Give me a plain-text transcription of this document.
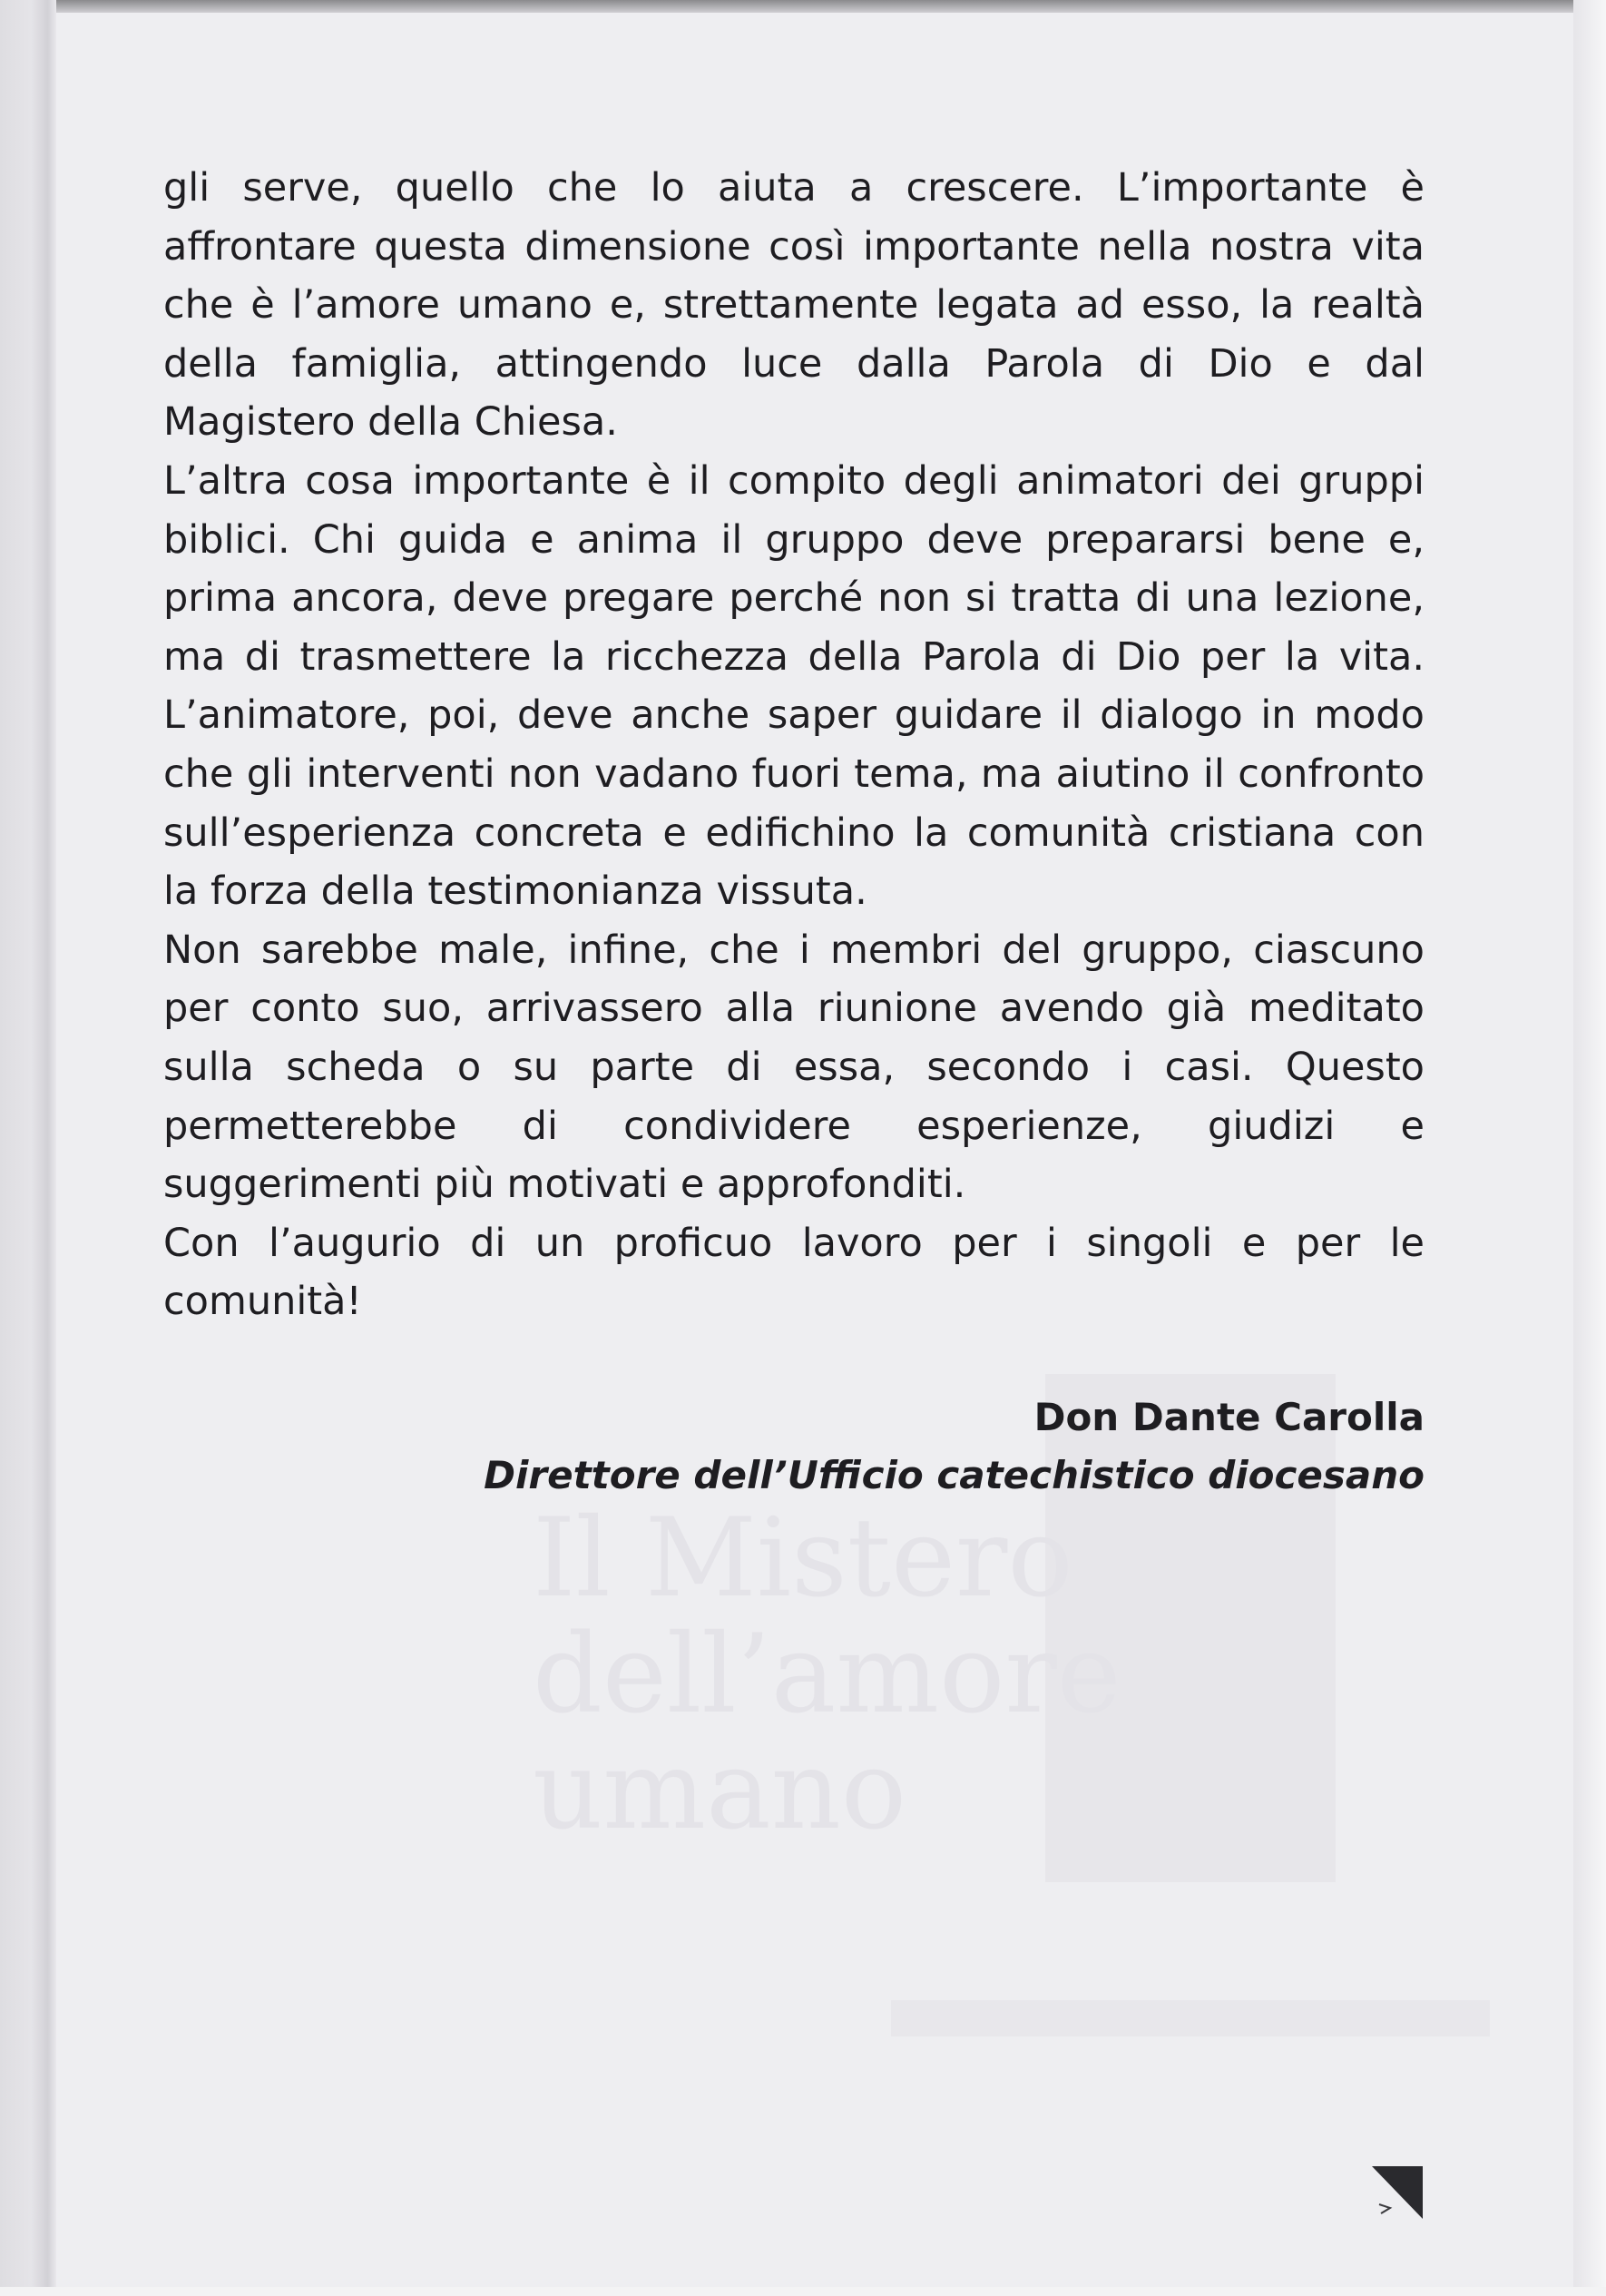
Il Mistero
dell’amore
umano
gli serve, quello che lo aiuta a crescere. L’importante è affrontare questa dimensione così importante nella nostra vita che è l’amore umano e, strettamente legata ad esso, la realtà della famiglia, attingendo luce dalla Parola di Dio e dal Magistero della Chiesa.
L’altra cosa importante è il compito degli animatori dei gruppi biblici. Chi guida e anima il gruppo deve prepararsi bene e, prima ancora, deve pregare perché non si tratta di una lezione, ma di trasmettere la ricchezza della Parola di Dio per la vita. L’animatore, poi, deve anche saper guidare il dialogo in modo che gli interventi non vadano fuori tema, ma aiutino il confronto sull’esperienza concreta e edifichino la comunità cristiana con la forza della testimonianza vissuta.
Non sarebbe male, infine, che i membri del gruppo, ciascuno per conto suo, arrivassero alla riunione avendo già meditato sulla scheda o su parte di essa, secondo i casi. Questo permetterebbe di condividere esperienze, giudizi e suggerimenti più motivati e approfonditi.
Con l’augurio di un proficuo lavoro per i singoli e per le comunità!
Don Dante Carolla
Direttore dell’Ufficio catechistico diocesano
